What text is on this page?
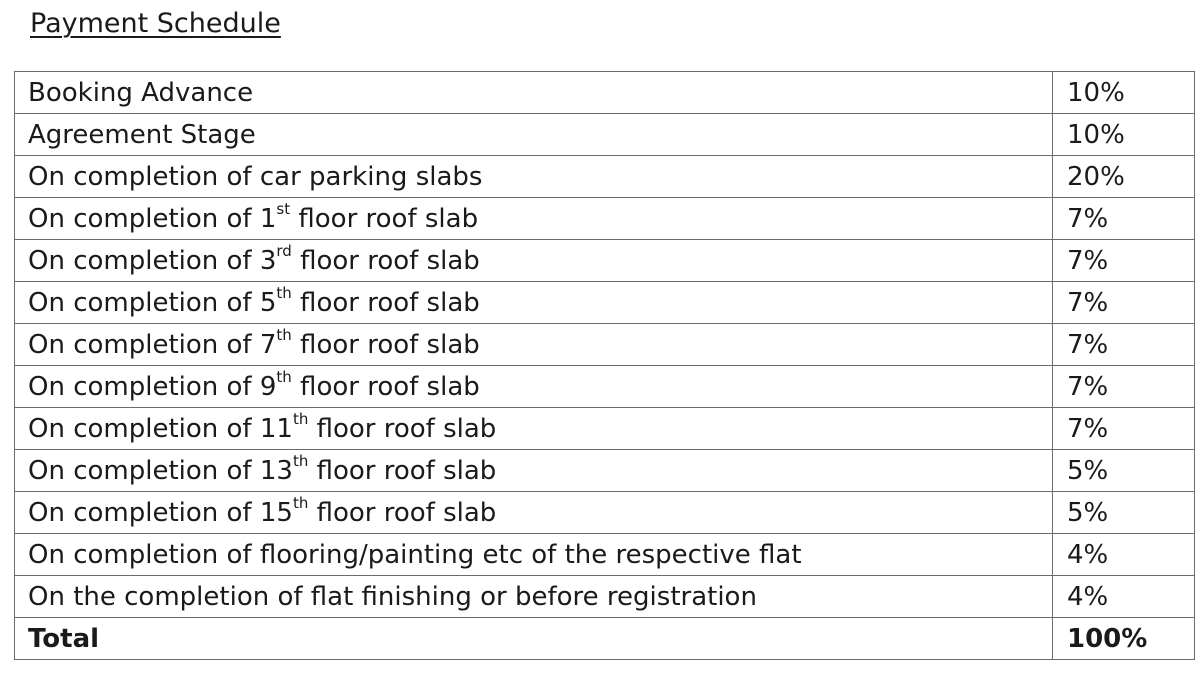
Payment Schedule
Booking Advance	10%
Agreement Stage	10%
On completion of car parking slabs	20%
On completion of 1st floor roof slab	7%
On completion of 3rd floor roof slab	7%
On completion of 5th floor roof slab	7%
On completion of 7th floor roof slab	7%
On completion of 9th floor roof slab	7%
On completion of 11th floor roof slab	7%
On completion of 13th floor roof slab	5%
On completion of 15th floor roof slab	5%
On completion of flooring/painting etc of the respective flat	4%
On the completion of flat finishing or before registration	4%
Total	100%
